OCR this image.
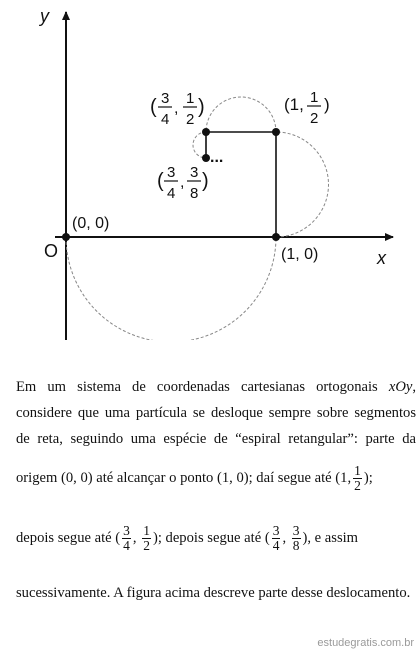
y
x
O
(0, 0)
(1, 0)
(1, 1
2
)
( 3
4
,
1
2
)
( 3
4
,
3
8
)
...
Em um sistema de coordenadas cartesianas ortogonais xOy,
considere que uma partícula se desloque sempre sobre segmentos
de reta, seguindo uma espécie de “espiral retangular”: parte da
origem (0, 0) até alcançar o ponto (1, 0); daí segue até (1, $\frac{1}{2}$ );
depois segue até ( $\frac{3}{4}$ , $\frac{1}{2}$ ); depois segue até ( $\frac{3}{4}$ , $\frac{3}{8}$ ), e assim
sucessivamente. A figura acima descreve parte desse deslocamento.
estudegratis.com.br
